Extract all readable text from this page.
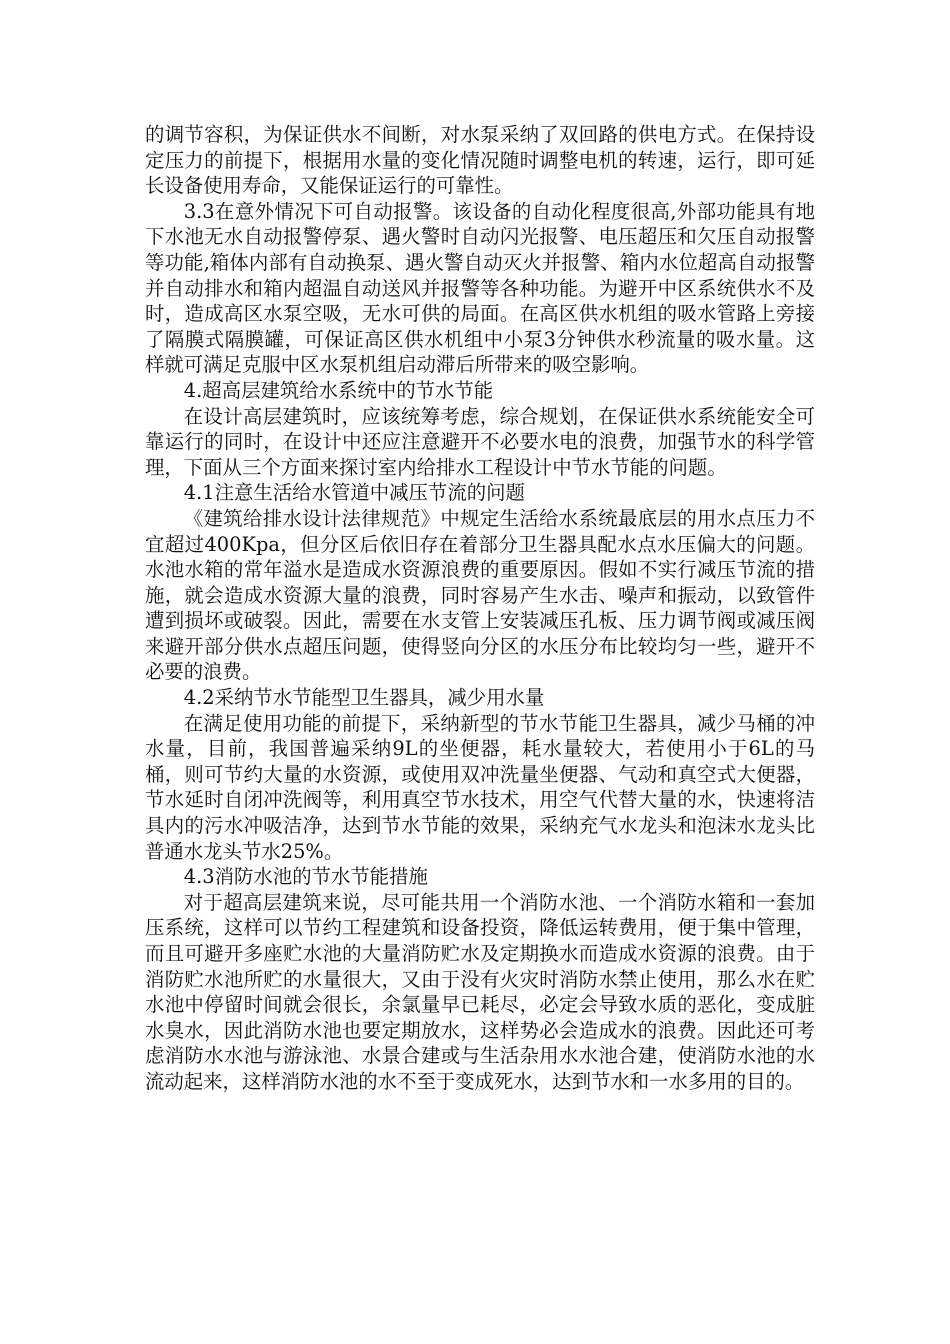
的调节容积，为保证供水不间断，对水泵采纳了双回路的供电方式。在保持设定压力的前提下，根据用水量的变化情况随时调整电机的转速，运行，即可延长设备使用寿命，又能保证运行的可靠性。

3.3在意外情况下可自动报警。该设备的自动化程度很高,外部功能具有地下水池无水自动报警停泵、遇火警时自动闪光报警、电压超压和欠压自动报警等功能,箱体内部有自动换泵、遇火警自动灭火并报警、箱内水位超高自动报警并自动排水和箱内超温自动送风并报警等各种功能。为避开中区系统供水不及时，造成高区水泵空吸，无水可供的局面。在高区供水机组的吸水管路上旁接了隔膜式隔膜罐，可保证高区供水机组中小泵3分钟供水秒流量的吸水量。这样就可满足克服中区水泵机组启动滞后所带来的吸空影响。

4.超高层建筑给水系统中的节水节能

在设计高层建筑时，应该统筹考虑，综合规划，在保证供水系统能安全可靠运行的同时，在设计中还应注意避开不必要水电的浪费，加强节水的科学管理，下面从三个方面来探讨室内给排水工程设计中节水节能的问题。

4.1注意生活给水管道中减压节流的问题

《建筑给排水设计法律规范》中规定生活给水系统最底层的用水点压力不宜超过400Kpa，但分区后依旧存在着部分卫生器具配水点水压偏大的问题。水池水箱的常年溢水是造成水资源浪费的重要原因。假如不实行减压节流的措施，就会造成水资源大量的浪费，同时容易产生水击、噪声和振动，以致管件遭到损坏或破裂。因此，需要在水支管上安装减压孔板、压力调节阀或减压阀来避开部分供水点超压问题，使得竖向分区的水压分布比较均匀一些，避开不必要的浪费。

4.2采纳节水节能型卫生器具，减少用水量

在满足使用功能的前提下，采纳新型的节水节能卫生器具，减少马桶的冲水量，目前，我国普遍采纳9L的坐便器，耗水量较大，若使用小于6L的马桶，则可节约大量的水资源，或使用双冲洗量坐便器、气动和真空式大便器，节水延时自闭冲洗阀等，利用真空节水技术，用空气代替大量的水，快速将洁具内的污水冲吸洁净，达到节水节能的效果，采纳充气水龙头和泡沫水龙头比普通水龙头节水25%。

4.3消防水池的节水节能措施

对于超高层建筑来说，尽可能共用一个消防水池、一个消防水箱和一套加压系统，这样可以节约工程建筑和设备投资，降低运转费用，便于集中管理，而且可避开多座贮水池的大量消防贮水及定期换水而造成水资源的浪费。由于消防贮水池所贮的水量很大，又由于没有火灾时消防水禁止使用，那么水在贮水池中停留时间就会很长，余氯量早已耗尽，必定会导致水质的恶化，变成脏水臭水，因此消防水池也要定期放水，这样势必会造成水的浪费。因此还可考虑消防水水池与游泳池、水景合建或与生活杂用水水池合建，使消防水池的水流动起来，这样消防水池的水不至于变成死水，达到节水和一水多用的目的。
